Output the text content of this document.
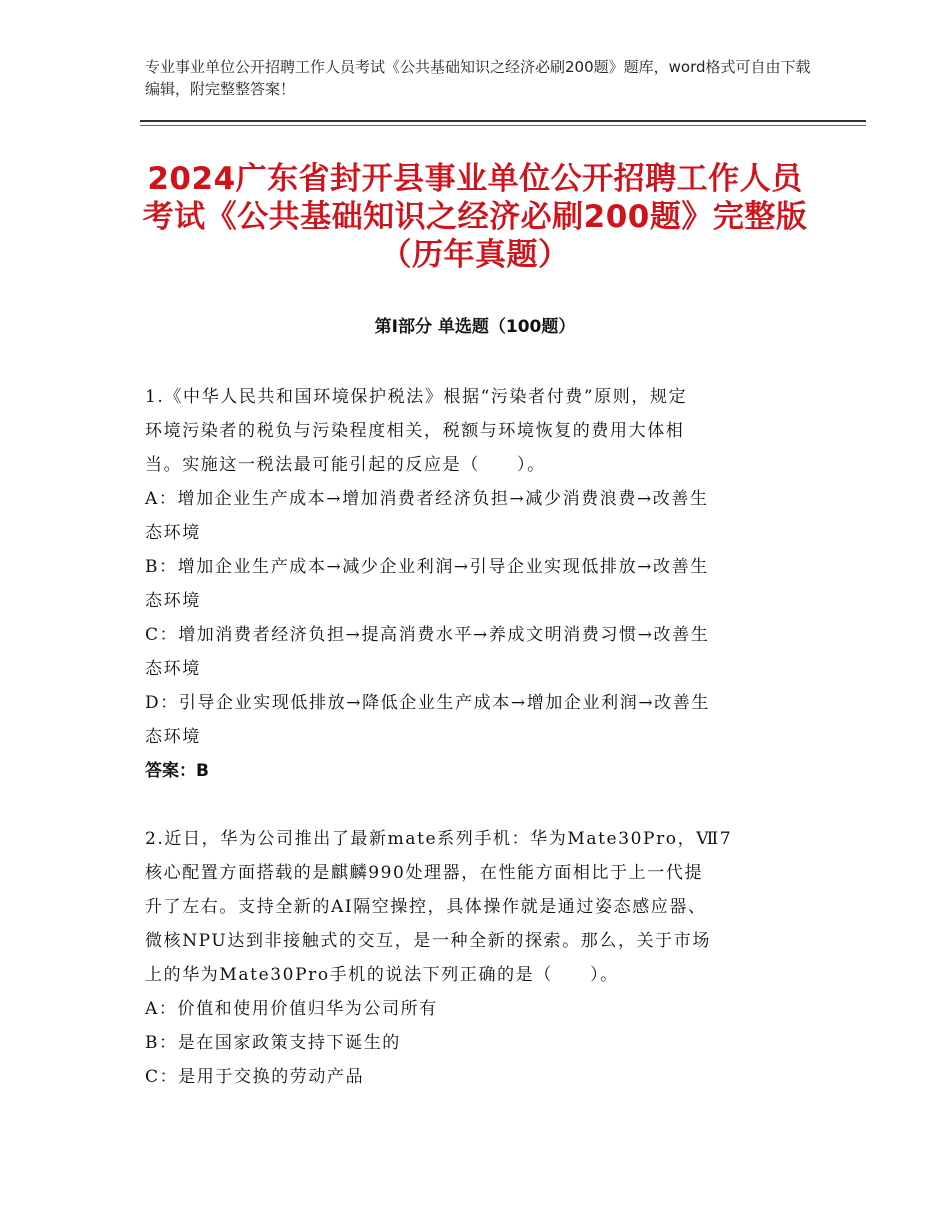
专业事业单位公开招聘工作人员考试《公共基础知识之经济必刷200题》题库，word格式可自由下载编辑，附完整整答案！

2024广东省封开县事业单位公开招聘工作人员考试《公共基础知识之经济必刷200题》完整版（历年真题）
第Ⅰ部分 单选题（100题）

1.《中华人民共和国环境保护税法》根据“污染者付费”原则，规定

环境污染者的税负与污染程度相关，税额与环境恢复的费用大体相

当。实施这一税法最可能引起的反应是（　　）。

A：增加企业生产成本→增加消费者经济负担→减少消费浪费→改善生

态环境

B：增加企业生产成本→减少企业利润→引导企业实现低排放→改善生

态环境

C：增加消费者经济负担→提高消费水平→养成文明消费习惯→改善生

态环境

D：引导企业实现低排放→降低企业生产成本→增加企业利润→改善生

态环境

答案：B

2.近日，华为公司推出了最新mate系列手机：华为Mate30Pro，Ⅶ7

核心配置方面搭载的是麒麟990处理器，在性能方面相比于上一代提

升了左右。支持全新的AI隔空操控，具体操作就是通过姿态感应器、

微核NPU达到非接触式的交互，是一种全新的探索。那么，关于市场

上的华为Mate30Pro手机的说法下列正确的是（　　）。

A：价值和使用价值归华为公司所有

B：是在国家政策支持下诞生的

C：是用于交换的劳动产品
